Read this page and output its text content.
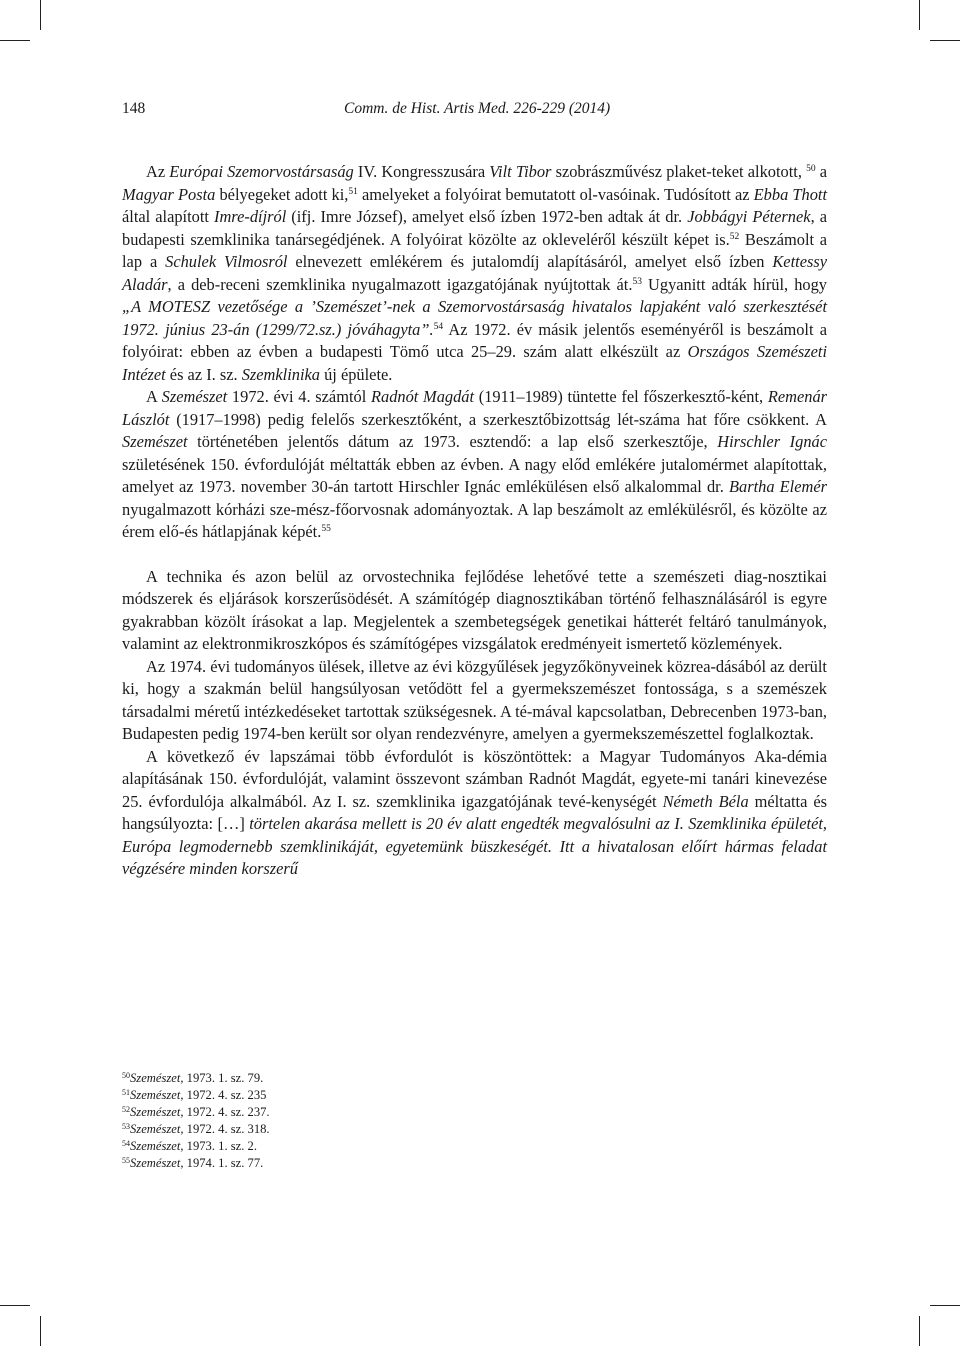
148	Comm. de Hist. Artis Med. 226-229 (2014)

Az Európai Szemorvostársaság IV. Kongresszusára Vilt Tibor szobrászművész plaket-teket alkotott, $^{50}$ a Magyar Posta bélyegeket adott ki,$^{51}$ amelyeket a folyóirat bemutatott ol-vasóinak. Tudósított az Ebba Thott által alapított Imre-díjról (ifj. Imre József), amelyet első ízben 1972-ben adtak át dr. Jobbágyi Péternek, a budapesti szemklinika tanársegédjének. A folyóirat közölte az okleveléről készült képet is.$^{52}$ Beszámolt a lap a Schulek Vilmosról elnevezett emlékérem és jutalomdíj alapításáról, amelyet első ízben Kettessy Aladár, a deb-receni szemklinika nyugalmazott igazgatójának nyújtottak át.$^{53}$ Ugyanitt adták hírül, hogy „A MOTESZ vezetősége a ’Szemészet’-nek a Szemorvostársaság hivatalos lapjaként való szerkesztését 1972. június 23-án (1299/72.sz.) jóváhagyta”.$^{54}$ Az 1972. év másik jelentős eseményéről is beszámolt a folyóirat: ebben az évben a budapesti Tömő utca 25–29. szám alatt elkészült az Országos Szemészeti Intézet és az I. sz. Szemklinika új épülete.

A Szemészet 1972. évi 4. számtól Radnót Magdát (1911–1989) tüntette fel főszerkesztő-ként, Remenár Lászlót (1917–1998) pedig felelős szerkesztőként, a szerkesztőbizottság lét-száma hat főre csökkent. A Szemészet történetében jelentős dátum az 1973. esztendő: a lap első szerkesztője, Hirschler Ignác születésének 150. évfordulóját méltatták ebben az évben. A nagy előd emlékére jutalomérmet alapítottak, amelyet az 1973. november 30-án tartott Hirschler Ignác emlékülésen első alkalommal dr. Bartha Elemér nyugalmazott kórházi sze-mész-főorvosnak adományoztak. A lap beszámolt az emlékülésről, és közölte az érem elő-és hátlapjának képét.$^{55}$

A technika és azon belül az orvostechnika fejlődése lehetővé tette a szemészeti diag-nosztikai módszerek és eljárások korszerűsödését. A számítógép diagnosztikában történő felhasználásáról is egyre gyakrabban közölt írásokat a lap. Megjelentek a szembetegségek genetikai hátterét feltáró tanulmányok, valamint az elektronmikroszkópos és számítógépes vizsgálatok eredményeit ismertető közlemények.

Az 1974. évi tudományos ülések, illetve az évi közgyűlések jegyzőkönyveinek közrea-dásából az derült ki, hogy a szakmán belül hangsúlyosan vetődött fel a gyermekszemészet fontossága, s a szemészek társadalmi méretű intézkedéseket tartottak szükségesnek. A té-mával kapcsolatban, Debrecenben 1973-ban, Budapesten pedig 1974-ben került sor olyan rendezvényre, amelyen a gyermekszemészettel foglalkoztak.

A következő év lapszámai több évfordulót is köszöntöttek: a Magyar Tudományos Aka-démia alapításának 150. évfordulóját, valamint összevont számban Radnót Magdát, egyete-mi tanári kinevezése 25. évfordulója alkalmából. Az I. sz. szemklinika igazgatójának tevé-kenységét Németh Béla méltatta és hangsúlyozta: […] törtelen akarása mellett is 20 év alatt engedték megvalósulni az I. Szemklinika épületét, Európa legmodernebb szemklinikáját, egyetemünk büszkeségét. Itt a hivatalosan előírt hármas feladat végzésére minden korszerű

$^{50}$Szemészet, 1973. 1. sz. 79.
$^{51}$Szemészet, 1972. 4. sz. 235
$^{52}$Szemészet, 1972. 4. sz. 237.
$^{53}$Szemészet, 1972. 4. sz. 318.
$^{54}$Szemészet, 1973. 1. sz. 2.
$^{55}$Szemészet, 1974. 1. sz. 77.
